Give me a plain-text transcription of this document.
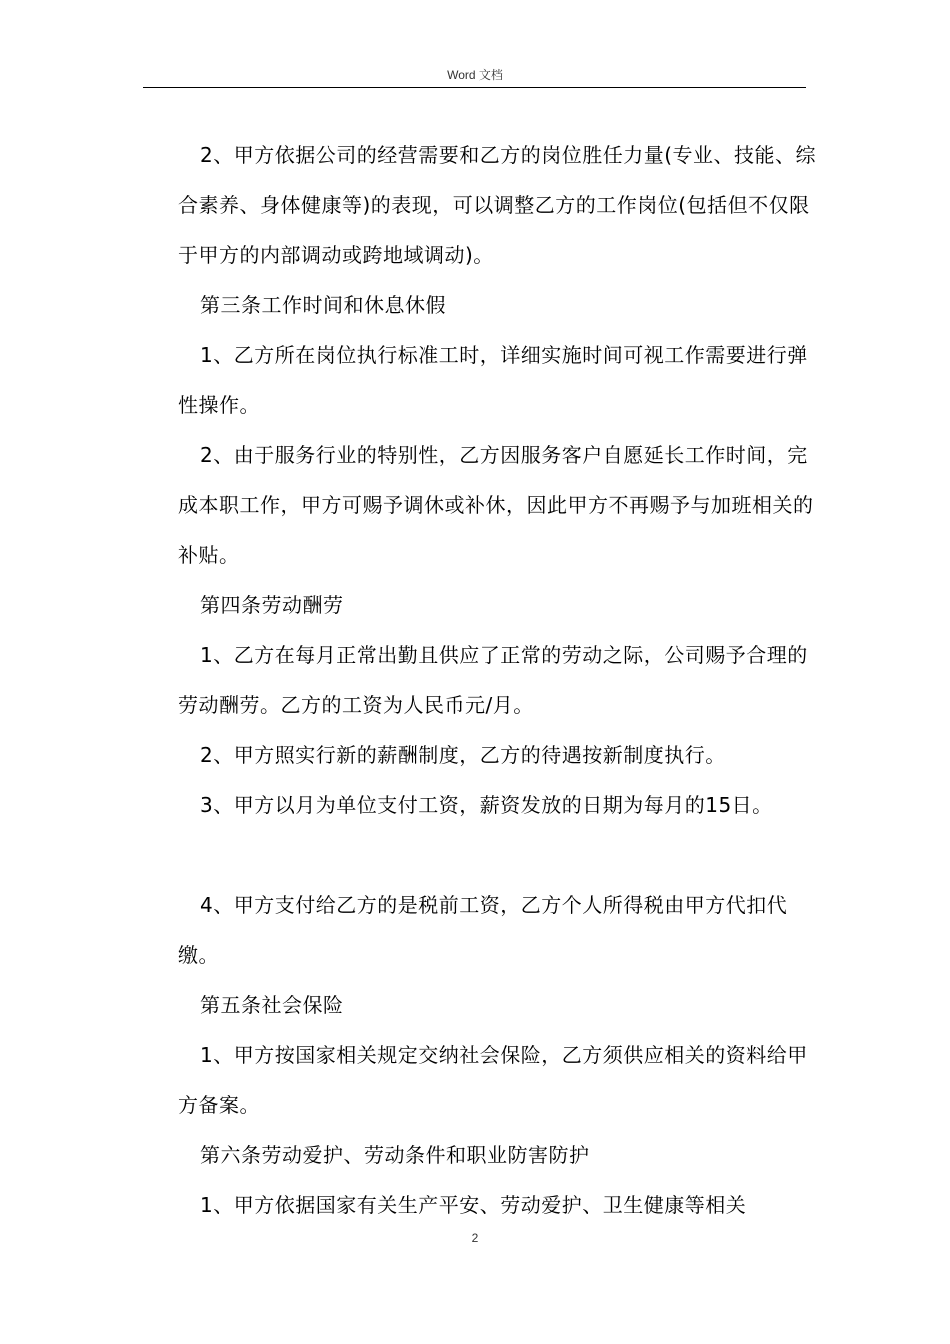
Word 文档

2、甲方依据公司的经营需要和乙方的岗位胜任力量(专业、技能、综合素养、身体健康等)的表现，可以调整乙方的工作岗位(包括但不仅限于甲方的内部调动或跨地域调动)。

第三条工作时间和休息休假

1、乙方所在岗位执行标准工时，详细实施时间可视工作需要进行弹性操作。

2、由于服务行业的特别性，乙方因服务客户自愿延长工作时间，完成本职工作，甲方可赐予调休或补休，因此甲方不再赐予与加班相关的补贴。

第四条劳动酬劳

1、乙方在每月正常出勤且供应了正常的劳动之际，公司赐予合理的劳动酬劳。乙方的工资为人民币元/月。

2、甲方照实行新的薪酬制度，乙方的待遇按新制度执行。

3、甲方以月为单位支付工资，薪资发放的日期为每月的15日。

4、甲方支付给乙方的是税前工资，乙方个人所得税由甲方代扣代缴。

第五条社会保险

1、甲方按国家相关规定交纳社会保险，乙方须供应相关的资料给甲方备案。

第六条劳动爱护、劳动条件和职业防害防护

1、甲方依据国家有关生产平安、劳动爱护、卫生健康等相关

2
